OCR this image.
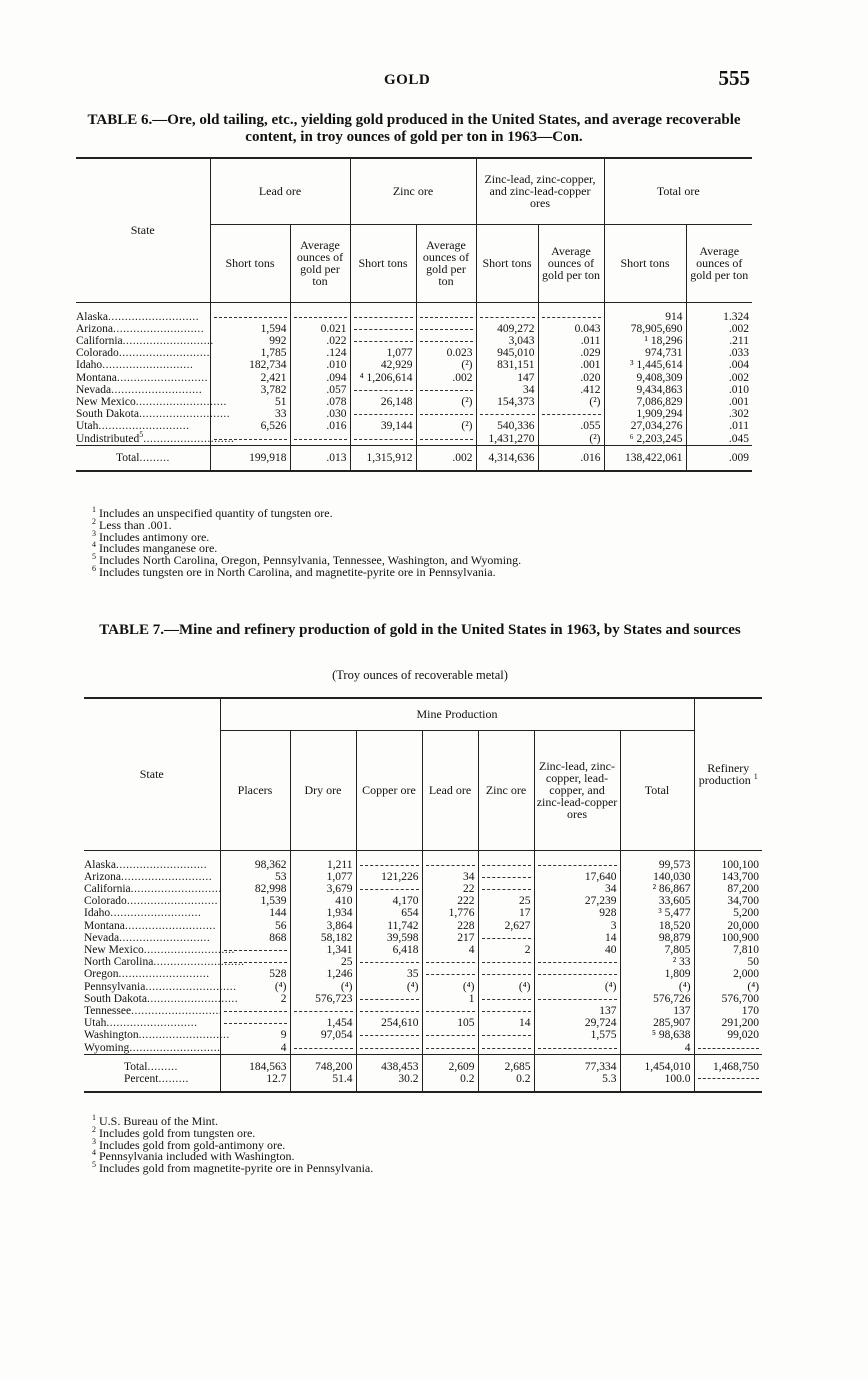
GOLD	555
TABLE 6.—Ore, old tailing, etc., yielding gold produced in the United States, and average recoverable content, in troy ounces of gold per ton in 1963—Con.
State	Lead ore		Zinc ore		Zinc-lead, zinc-copper, and zinc-lead-copper ores		Total ore	
	Short tons	Average ounces of gold per ton	Short tons	Average ounces of gold per ton	Short tons	Average ounces of gold per ton	Short tons	Average ounces of gold per ton

Alaska...........................							914	1.324
Arizona...........................	1,594	0.021			409,272	0.043	78,905,690	.002
California...........................	992	.022			3,043	.011	¹ 18,296	.211
Colorado...........................	1,785	.124	1,077	0.023	945,010	.029	974,731	.033
Idaho...........................	182,734	.010	42,929	(²)	831,151	.001	³ 1,445,614	.004
Montana...........................	2,421	.094	⁴ 1,206,614	.002	147	.020	9,408,309	.002
Nevada...........................	3,782	.057			34	.412	9,434,863	.010
New Mexico...........................	51	.078	26,148	(²)	154,373	(²)	7,086,829	.001
South Dakota...........................	33	.030					1,909,294	.302
Utah...........................	6,526	.016	39,144	(²)	540,336	.055	27,034,276	.011
Undistributed$^5$...........................					1,431,270	(²)	⁶ 2,203,245	.045
Total.........	199,918	.013	1,315,912	.002	4,314,636	.016	138,422,061	.009
$^1$ Includes an unspecified quantity of tungsten ore.
$^2$ Less than .001.
$^3$ Includes antimony ore.
$^4$ Includes manganese ore.
$^5$ Includes North Carolina, Oregon, Pennsylvania, Tennessee, Washington, and Wyoming.
$^6$ Includes tungsten ore in North Carolina, and magnetite-pyrite ore in Pennsylvania.
TABLE 7.—Mine and refinery production of gold in the United States in 1963, by States and sources
(Troy ounces of recoverable metal)
State	Mine Production							Refinery production $^1$
	Placers	Dry ore	Copper ore	Lead ore	Zinc ore	Zinc-lead, zinc-copper, lead-copper, and zinc-lead-copper ores	Total	

Alaska...........................	98,362	1,211					99,573	100,100
Arizona...........................	53	1,077	121,226	34		17,640	140,030	143,700
California...........................	82,998	3,679		22		34	² 86,867	87,200
Colorado...........................	1,539	410	4,170	222	25	27,239	33,605	34,700
Idaho...........................	144	1,934	654	1,776	17	928	³ 5,477	5,200
Montana...........................	56	3,864	11,742	228	2,627	3	18,520	20,000
Nevada...........................	868	58,182	39,598	217		14	98,879	100,900
New Mexico...........................		1,341	6,418	4	2	40	7,805	7,810
North Carolina...........................		25					² 33	50
Oregon...........................	528	1,246	35				1,809	2,000
Pennsylvania...........................	(⁴)	(⁴)	(⁴)	(⁴)	(⁴)	(⁴)	(⁴)	(⁴)
South Dakota...........................	2	576,723		1			576,726	576,700
Tennessee...........................						137	137	170
Utah...........................		1,454	254,610	105	14	29,724	285,907	291,200
Washington...........................	9	97,054				1,575	⁵ 98,638	99,020
Wyoming...........................	4						4	

Total.........	184,563	748,200	438,453	2,609	2,685	77,334	1,454,010	1,468,750
Percent.........	12.7	51.4	30.2	0.2	0.2	5.3	100.0	
$^1$ U.S. Bureau of the Mint.
$^2$ Includes gold from tungsten ore.
$^3$ Includes gold from gold-antimony ore.
$^4$ Pennsylvania included with Washington.
$^5$ Includes gold from magnetite-pyrite ore in Pennsylvania.
